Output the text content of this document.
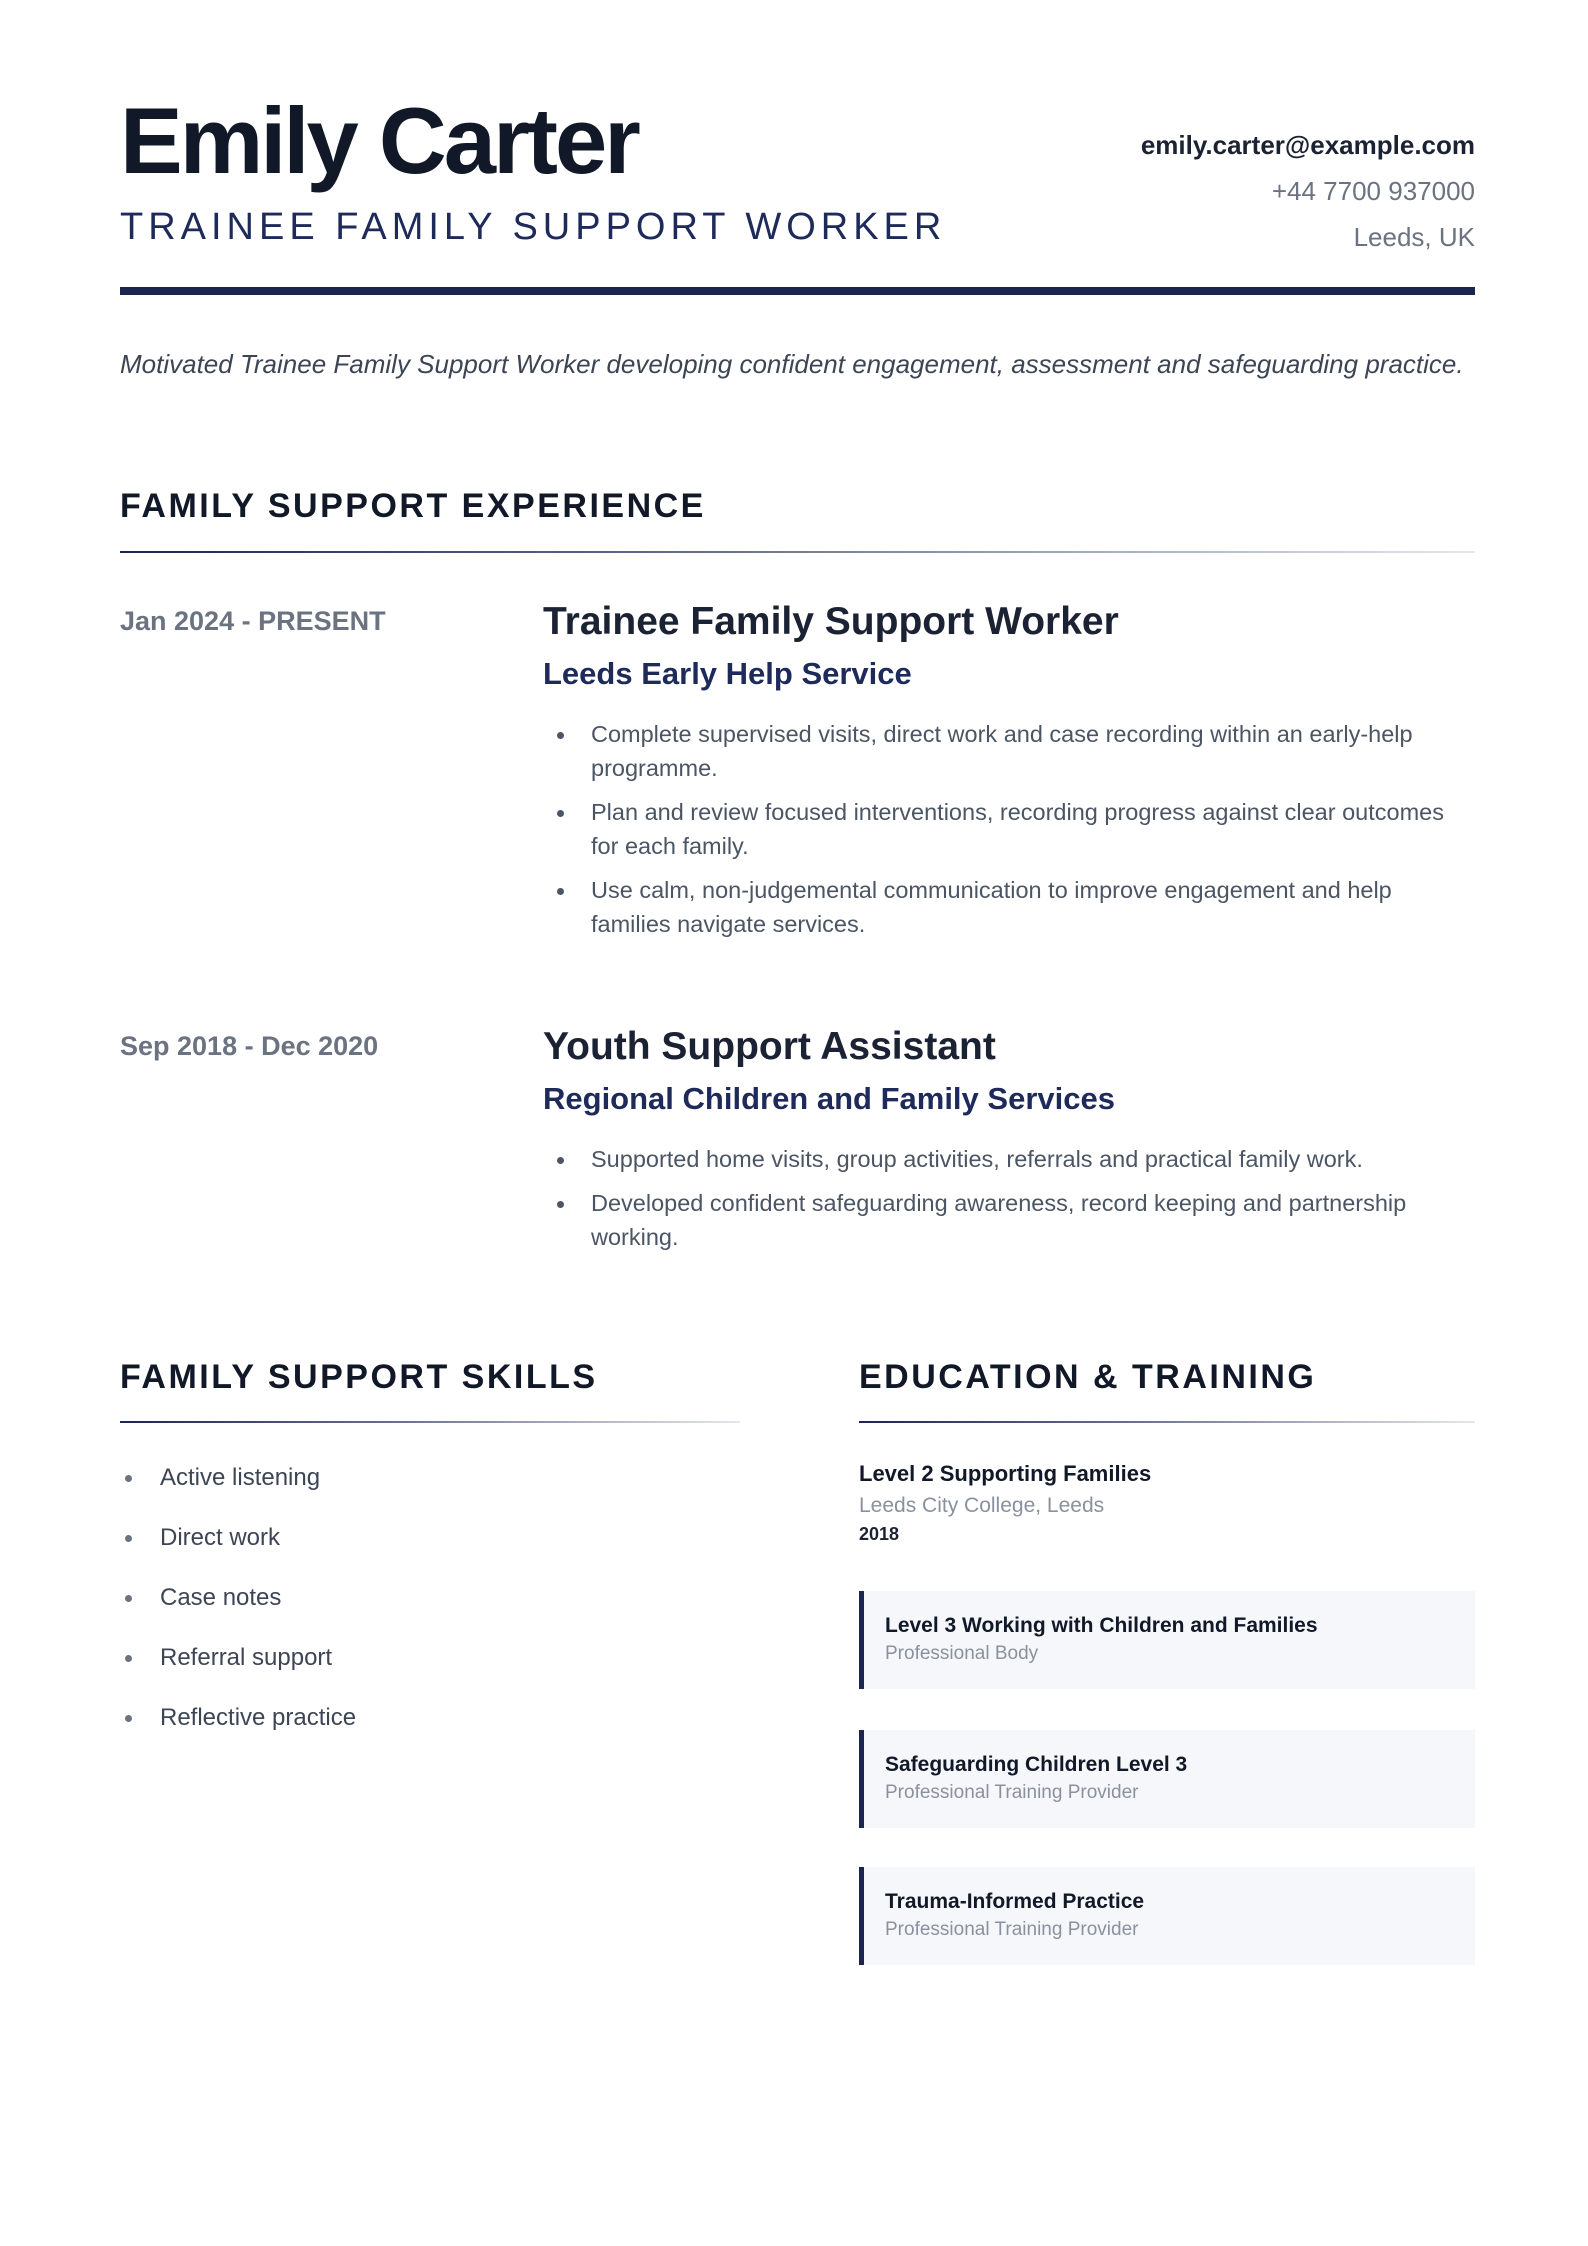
Emily Carter
TRAINEE FAMILY SUPPORT WORKER
emily.carter@example.com
+44 7700 937000
Leeds, UK
Motivated Trainee Family Support Worker developing confident engagement, assessment and safeguarding practice.
FAMILY SUPPORT EXPERIENCE
Jan 2024 - PRESENT	Trainee Family Support Worker
Leeds Early Help Service
Complete supervised visits, direct work and case recording within an early-help programme.
Plan and review focused interventions, recording progress against clear outcomes for each family.
Use calm, non-judgemental communication to improve engagement and help families navigate services.
Sep 2018 - Dec 2020	Youth Support Assistant
Regional Children and Family Services
Supported home visits, group activities, referrals and practical family work.
Developed confident safeguarding awareness, record keeping and partnership working.
FAMILY SUPPORT SKILLS
Active listening
Direct work
Case notes
Referral support
Reflective practice
EDUCATION & TRAINING
Level 2 Supporting Families
Leeds City College, Leeds
2018
Level 3 Working with Children and Families
Professional Body
Safeguarding Children Level 3
Professional Training Provider
Trauma-Informed Practice
Professional Training Provider
